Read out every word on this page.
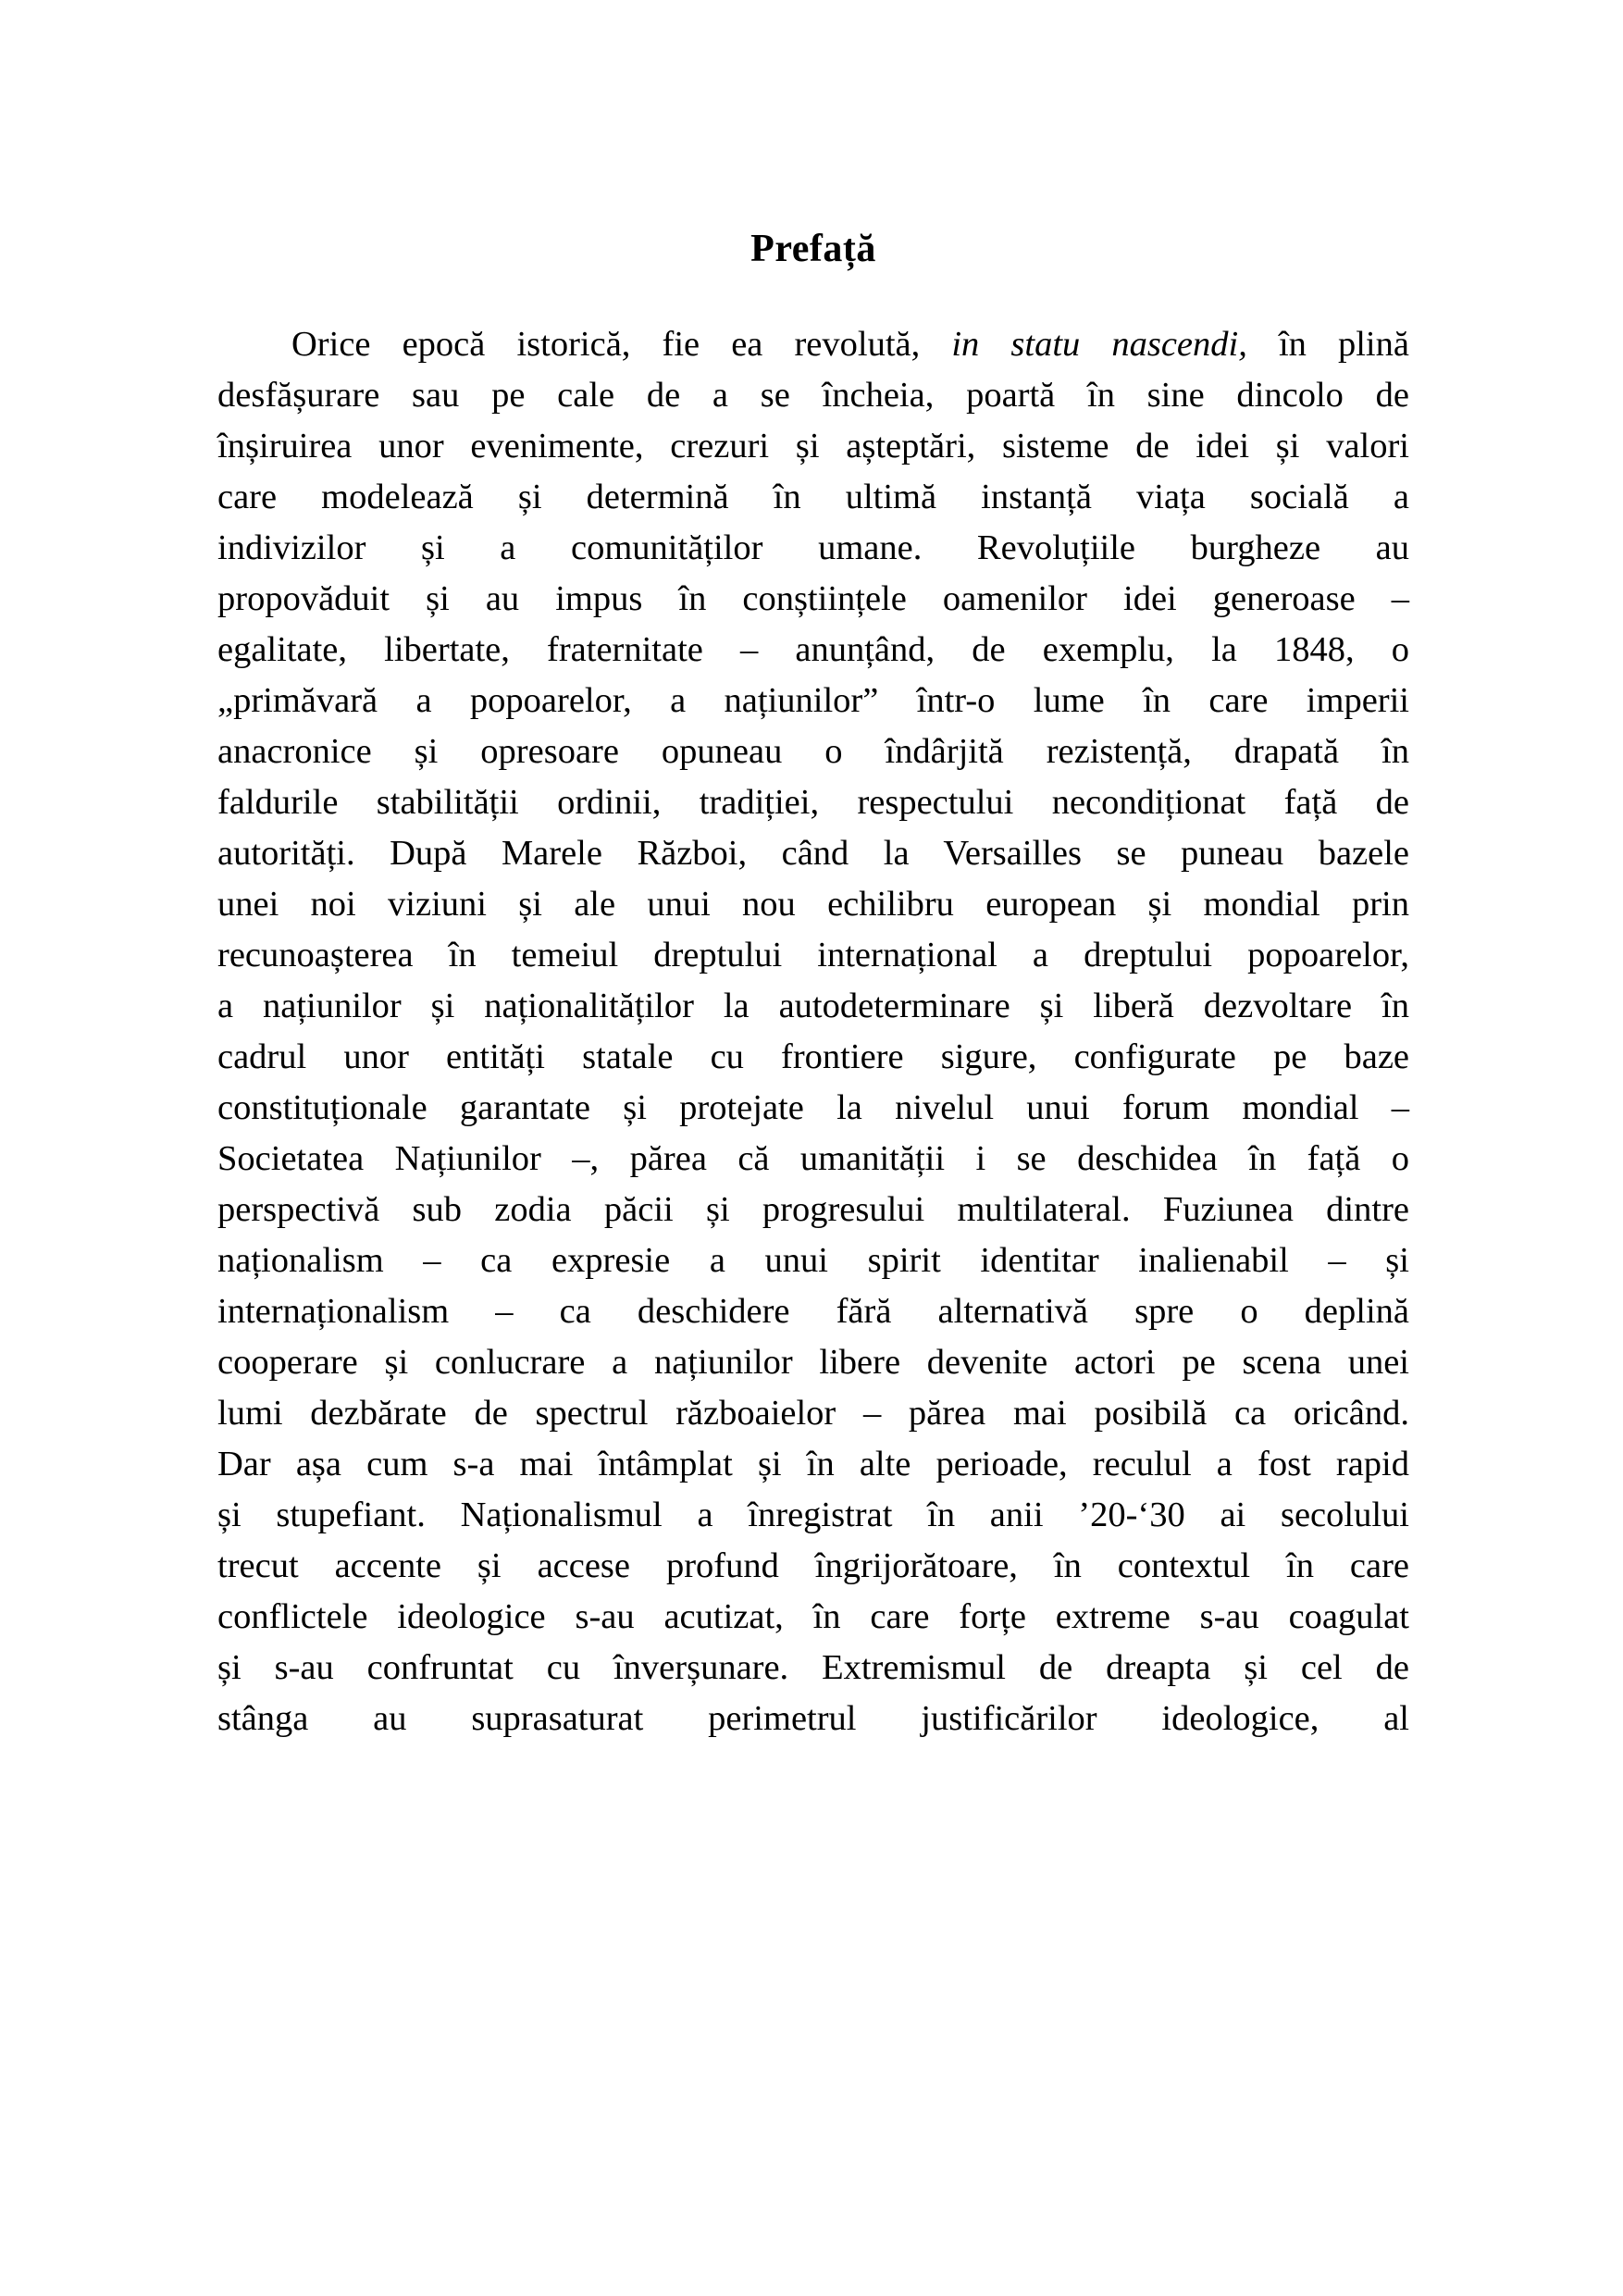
Prefață
Orice epocă istorică, fie ea revolută, in statu nascendi, în plină
desfășurare sau pe cale de a se încheia, poartă în sine dincolo de
înșiruirea unor evenimente, crezuri și așteptări, sisteme de idei și valori
care modelează și determină în ultimă instanță viața socială a
indivizilor și a comunităților umane. Revoluțiile burgheze au
propovăduit și au impus în conștiințele oamenilor idei generoase –
egalitate, libertate, fraternitate – anunțând, de exemplu, la 1848, o
„primăvară a popoarelor, a națiunilor” într-o lume în care imperii
anacronice și opresoare opuneau o îndârjită rezistență, drapată în
faldurile stabilității ordinii, tradiției, respectului necondiționat față de
autorități. După Marele Război, când la Versailles se puneau bazele
unei noi viziuni și ale unui nou echilibru european și mondial prin
recunoașterea în temeiul dreptului internațional a dreptului popoarelor,
a națiunilor și naționalităților la autodeterminare și liberă dezvoltare în
cadrul unor entități statale cu frontiere sigure, configurate pe baze
constituționale garantate și protejate la nivelul unui forum mondial –
Societatea Națiunilor –, părea că umanității i se deschidea în față o
perspectivă sub zodia păcii și progresului multilateral. Fuziunea dintre
naționalism – ca expresie a unui spirit identitar inalienabil – și
internaționalism – ca deschidere fără alternativă spre o deplină
cooperare și conlucrare a națiunilor libere devenite actori pe scena unei
lumi dezbărate de spectrul războaielor – părea mai posibilă ca oricând.
Dar așa cum s-a mai întâmplat și în alte perioade, reculul a fost rapid
și stupefiant. Naționalismul a înregistrat în anii ’20-‘30 ai secolului
trecut accente și accese profund îngrijorătoare, în contextul în care
conflictele ideologice s-au acutizat, în care forțe extreme s-au coagulat
și s-au confruntat cu înverșunare. Extremismul de dreapta și cel de
stânga au suprasaturat perimetrul justificărilor ideologice, al
